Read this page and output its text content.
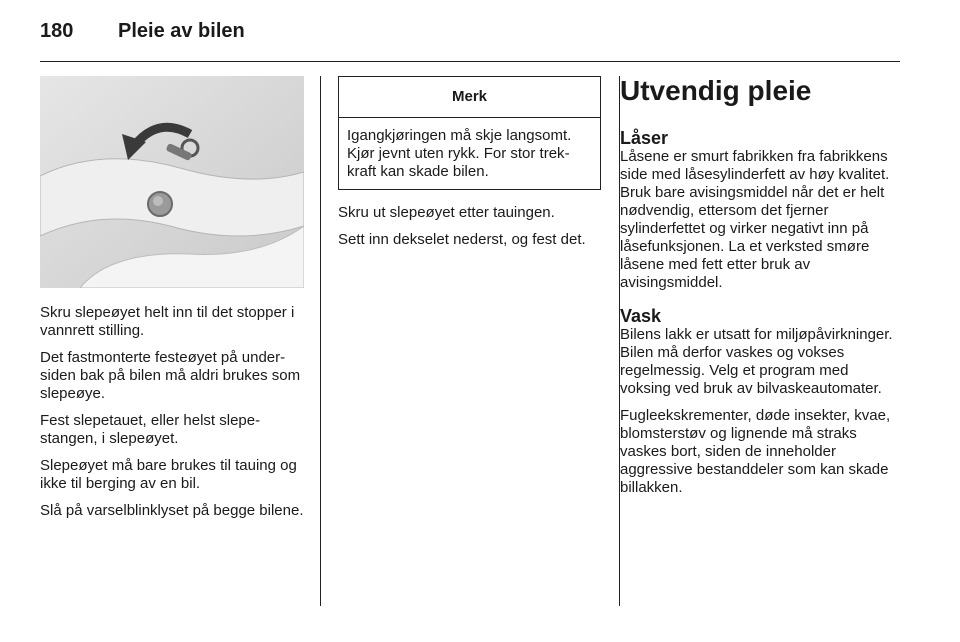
180 Pleie av bilen

Skru slepeøyet helt inn til det stopper i vannrett stilling.

Det fastmonterte festeøyet på undersiden bak på bilen må aldri brukes som slepeøye.

Fest slepetauet, eller helst slepestangen, i slepeøyet.

Slepeøyet må bare brukes til tauing og ikke til berging av en bil.

Slå på varselblinklyset på begge bilene.

Merk
Igangkjøringen må skje langsomt. Kjør jevnt uten rykk. For stor trekkraft kan skade bilen.

Skru ut slepeøyet etter tauingen.

Sett inn dekselet nederst, og fest det.

Utvendig pleie
Låser

Låsene er smurt fabrikken fra fabrikkens side med låsesylinderfett av høy kvalitet. Bruk bare avisingsmiddel når det er helt nødvendig, ettersom det fjerner sylinderfettet og virker negativt inn på låsefunksjonen. La et verksted smøre låsene med fett etter bruk av avisingsmiddel.

Vask

Bilens lakk er utsatt for miljøpåvirkninger. Bilen må derfor vaskes og vokses regelmessig. Velg et program med voksing ved bruk av bilvaskeautomater.

Fugleekskrementer, døde insekter, kvae, blomsterstøv og lignende må straks vaskes bort, siden de inneholder aggressive bestanddeler som kan skade billakken.
